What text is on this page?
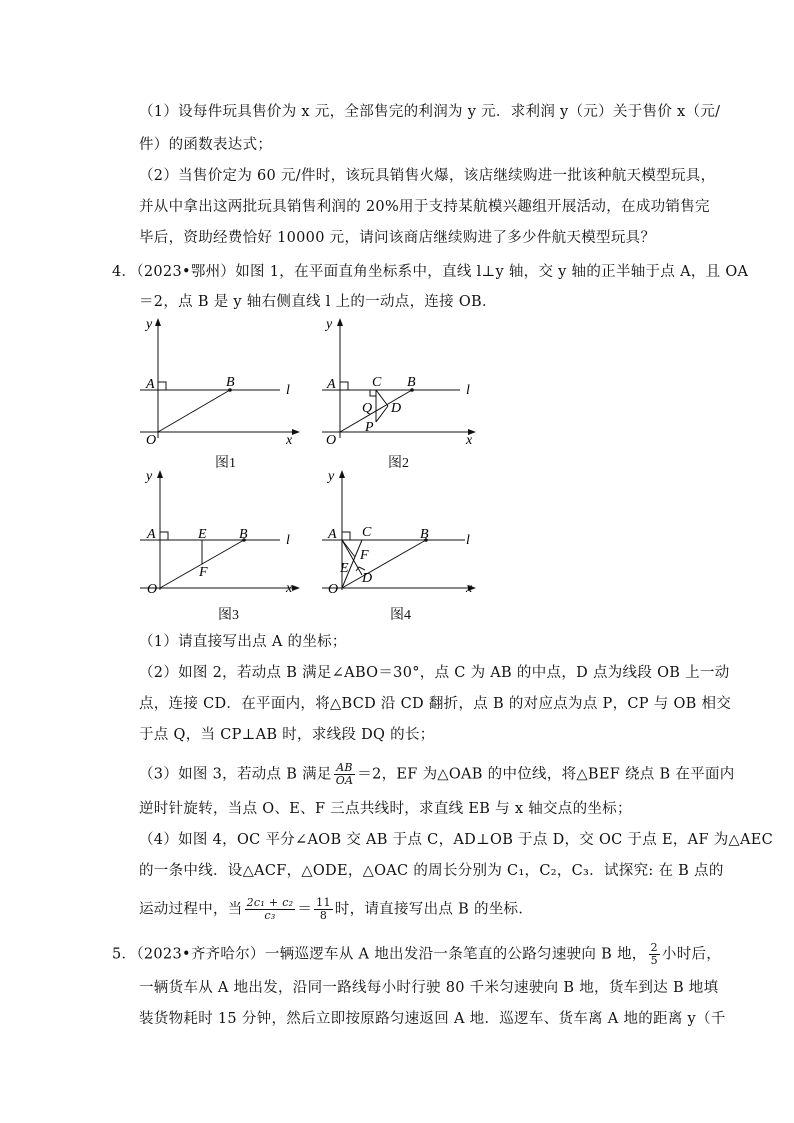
（1）设每件玩具售价为 x 元，全部售完的利润为 y 元．求利润 y（元）关于售价 x（元/
件）的函数表达式；
（2）当售价定为 60 元/件时，该玩具销售火爆，该店继续购进一批该种航天模型玩具，
并从中拿出这两批玩具销售利润的 20%用于支持某航模兴趣组开展活动，在成功销售完
毕后，资助经费恰好 10000 元，请问该商店继续购进了多少件航天模型玩具？
4．（2023•鄂州）如图 1，在平面直角坐标系中，直线 l⊥y 轴，交 y 轴的正半轴于点 A，且 OA
＝2，点 B 是 y 轴右侧直线 l 上的一动点，连接 OB．
y
x
O
A	B
l
图1
y
x
O
A	C B
Q D
P
l
图2
y
x
O
A	E B
F
l
图3
y
x
O
A C	B
F
E
D
l
图4
（1）请直接写出点 A 的坐标；
（2）如图 2，若动点 B 满足∠ABO＝30°，点 C 为 AB 的中点，D 点为线段 OB 上一动
点，连接 CD．在平面内，将△BCD 沿 CD 翻折，点 B 的对应点为点 P，CP 与 OB 相交
于点 Q，当 CP⊥AB 时，求线段 DQ 的长；
（3）如图 3，若动点 B 满足 $\frac{AB}{OA} =2$，EF 为△OAB 的中位线，将△BEF 绕点 B 在平面内
逆时针旋转，当点 O、E、F 三点共线时，求直线 EB 与 x 轴交点的坐标；
（4）如图 4，OC 平分∠AOB 交 AB 于点 C，AD⊥OB 于点 D，交 OC 于点 E，AF 为△AEC
的一条中线．设△ACF，△ODE，△OAC 的周长分别为 C₁，C₂，C₃．试探究: 在 B 点的
运动过程中，当 $\frac{\text{2c₁ + c₂}}{\text{c₃}} = \frac{11}{8}$ 时，请直接写出点 B 的坐标．
5．（2023•齐齐哈尔）一辆巡逻车从 A 地出发沿一条笔直的公路匀速驶向 B 地， $\frac{2}{5}$ 小时后，
一辆货车从 A 地出发，沿同一路线每小时行驶 80 千米匀速驶向 B 地，货车到达 B 地填
装货物耗时 15 分钟，然后立即按原路匀速返回 A 地．巡逻车、货车离 A 地的距离 y（千
